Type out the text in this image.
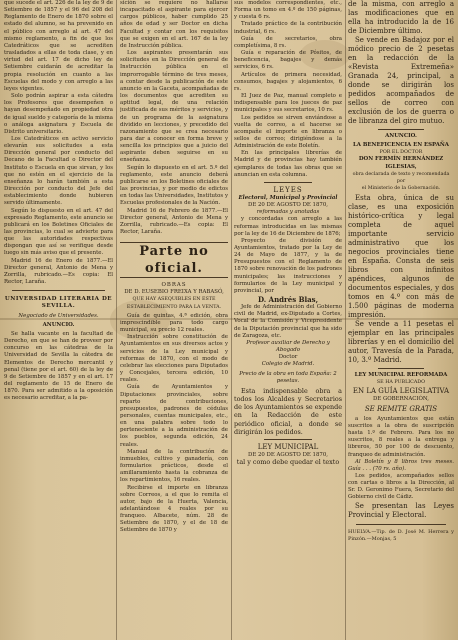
que sucede el art. 226 de la ley de 9 de Setiembre de 1857 y el 96 del 208 del Reglamento de Enero de 1870 sobre el estado del alumno, se ha prevenido en el público con arreglo al art. 47 del mismo reglamento, a fin de que los Catedráticos que se acrediten trasladados a ellas de toda clase, y en virtud del art. 17 de dicho ley de Setiembre cuidarán de acreditar la propia resolución en cuanto a las Escuelas del modo y con arreglo a las leyes vigentes.

Solo podrán aspirar a esta cátedra los Profesores que desempeñen o hayan desempeñado en propiedad otra de igual sueldo y categoría de la misma o análoga asignatura y Escuela de Distrito universitario.

Los Catedráticos en activo servicio elevarán sus solicitudes a esta Dirección general por conducto del Decano de la Facultad o Director del Instituto o Escuela en que sirvan, y los que no estén en el ejercicio de la enseñanza lo harán también a esta Dirección por conducto del Jefe del establecimiento donde hubieren servido últimamente.

Según lo dispuesto en el art. 47 del expresado Reglamento, este anuncio se publicará en los Boletines Oficiales de las provincias, lo cual se advierte para que las autoridades respectivas dispongan que así se verifique desde luego sin más aviso que el presente.

Madrid 16 de Enero de 1877.—El Director general, Antonio de Mena y Zorrilla, rubricado.—Es copia: El Rector, Laraña.

UNIVERSIDAD LITERARIA DE SEVILLA.
Negociado de Universidades.
ANUNCIO.

Se halla vacante en la facultad de Derecho, en que se han de proveer por concurso en las cátedras de la Universidad de Sevilla la cátedra de Elementos de Derecho mercantil y penal (tiene por el art. 60) de la ley de 9 de Setiembre de 1857 y en el art. 17 del reglamento de 15 de Enero de 1870. Para ser admitido a la oposición es necesario acreditar, a la pa-

sición se requiere no hallarse incapacitado el aspirante para ejercer cargos públicos, haber cumplido 25 años de edad y ser Doctor en dicha Facultad y contar con los requisitos que se exigen en el art. 167 de la ley de Instrucción pública.

Los aspirantes presentarán sus solicitudes en la Dirección general de Instrucción pública en el improrrogable término de tres meses, a contar desde la publicación de este anuncio en la Gaceta, acompañadas de los documentos que acrediten su aptitud legal, de una relación justificada de sus méritos y servicios, y de un programa de la asignatura dividido en lecciones, y precedido del razonamiento que se crea necesario para dar a conocer en forma breve y sencilla los principios que a juicio del aspirante deben seguirse en su enseñanza.

Según lo dispuesto en el art. 5.º del reglamento, este anuncio deberá publicarse en los Boletines oficiales de las provincias, y por medio de edictos en todas las Universidades, Institutos y Escuelas profesionales de la Nación.

Madrid 16 de Febrero de 1877.—El Director general, Antonio de Mena y Zorrilla, rubricado.—Es copia: El Rector, Laraña.

Parte no oficial.
OBRAS
DE D. EUSEBIO FREIXA Y RABASÓ,
QUE HAY ASEQUIBLES EN ESTE ESTABLECIMIENTO PARA LA VENTA.

Guía de quintas, 4.ª edición, obra imprescindible para todo cargo municipal, su precio 12 reales.

Instrucción sobre constitución de Ayuntamientos en sus diversos actos y servicios de la Ley municipal y reformas de 1870, con el modo de celebrar las elecciones para Diputados y Concejales, tercera edición, 10 reales.

Guía de Ayuntamientos y Diputaciones provinciales, sobre reparto de contribuciones, presupuestos, padrones de cédulas personales, cuentas municipales, etc., en una palabra sobre todo lo perteneciente a la administración de los pueblos, segunda edición, 24 reales.

Manual de la contribución de inmuebles, cultivo y ganadería, con formularios prácticos, desde el amillaramiento hasta la cobranza de los repartimientos, 16 reales.

Recibirse el importe en libranza sobre Correos, a el que lo remita el autor, bajo de la Huerta, Valencia, adelantándose 4 reales por su franqueo. Albacete, núm. 28 de Setiembre de 1870, y el de 18 de Setiembre de 1870 y

sus modelos correspondientes, etc., Forma un tomo en 4.º de 150 páginas, y cuesta 6 rs.

Tratado práctico de la contribución industrial, 6 rs.

Guía de secretarios, obra completísima, 8 rs.

Guía e reparación de Pósitos, de beneficencia, bagajes y demás servicios, 6 rs.

Artículos de primera necesidad, consumos, bagajes y alojamientos, 6 rs.

El Juez de Paz, manual completo e indispensable para los jueces de paz municipales y sus secretarios, 10 rs.

Los pedidos se sirven enviándose a vuelta de correo, a el hacerse se acompañe el importe en libranza o sellos de correo; dirigiéndose a la Administración de este Boletín.

En las principales librerías de Madrid y de provincias hay también ejemplares de todas las obras que se anuncian en esta columna.

LEYES
Electoral, Municipal y Provincial
DE 20 DE AGOSTO DE 1870,
reformadas y anotadas

y concordadas con arreglo a las reformas introducidas en las mismas por la ley de 16 de Diciembre de 1876;

Proyecto de división de Ayuntamientos, tratado por la Ley de 24 de Mayo de 1877, y la de Presupuestos con el Reglamento de 1870 sobre renovación de los padrones municipales; las instrucciones y formularios de la Ley municipal y provincial, por

D. Andrés Blas,

Jefe de Administración del Gobierno civil de Madrid, ex-Diputado a Cortes, Vocal de la Comisión y Vicepresidente de la Diputación provincial que ha sido de Zaragoza, etc.

Profesor auxiliar de Derecho y Abogado
Doctor
Colegio de Madrid.
Precio de la obra en toda España: 2 pesetas.

Esta indispensable obra a todos los Alcaldes y Secretarios de los Ayuntamientos se expende en la Redacción de este periódico oficial, a donde se dirigirán los pedidos.

LEY MUNICIPAL
DE 20 DE AGOSTO DE 1870,
tal y como debe quedar el texto

de la misma, con arreglo a las modificaciones que en ella ha introducido la de 16 de Diciembre último.

Se vende en Badajoz por el módico precio de 2 pesetas en la redacción de la «Revista Extremeña» Granada 24, principal, a donde se dirigirán los pedidos acompañados de sellos de correo con exclusión de los de guerra o de libranza del giro mutuo.

ANUNCIO.
LA BENEFICENCIA EN ESPAÑA
POR EL DOCTOR
DON FERMÍN HERNÁNDEZ IGLESIAS,
obra declarada de texto y recomendada por
el Ministerio de la Gobernación.

Esta obra, única de su clase, es una exposición histórico-crítica y legal completa de aquel importante servicio administrativo que los negocios provinciales tiene en España. Consta de seis libros con infinitos apéndices, algunos de documentos especiales, y dos tomos en 4.º con más de 1.500 páginas de moderna impresión.

Se vende a 11 pesetas el ejemplar en las principales librerías y en el domicilio del autor, Travesía de la Parada, 10, 3.º Madrid.

LEY MUNICIPAL REFORMADA
SE HA PUBLICADO
EN LA GUÍA LEGISLATIVA
DE GOBERNACIÓN,
SE REMITE GRATIS

a los Ayuntamientos que están suscritos a la obra de suscripción hasta 1.º de Febrero. Para los no suscritos, 8 reales a la entrega y libreros, 50 por 100 de descuento, franqueo de administración.

Al Boletín y 8 libros tres meses. Guía . . . (70 rs. año).

Los pedidos, acompañados sellos con cartas o libros a la Dirección, al Sr. D. Geronimo Fuera, Secretario del Gobierno civil de Cádiz.

Se presentan las Leyes Provincial y Electoral.

HUELVA.—Tip. de D. José M. Herrera y Pinzón.—Monjas, 5
